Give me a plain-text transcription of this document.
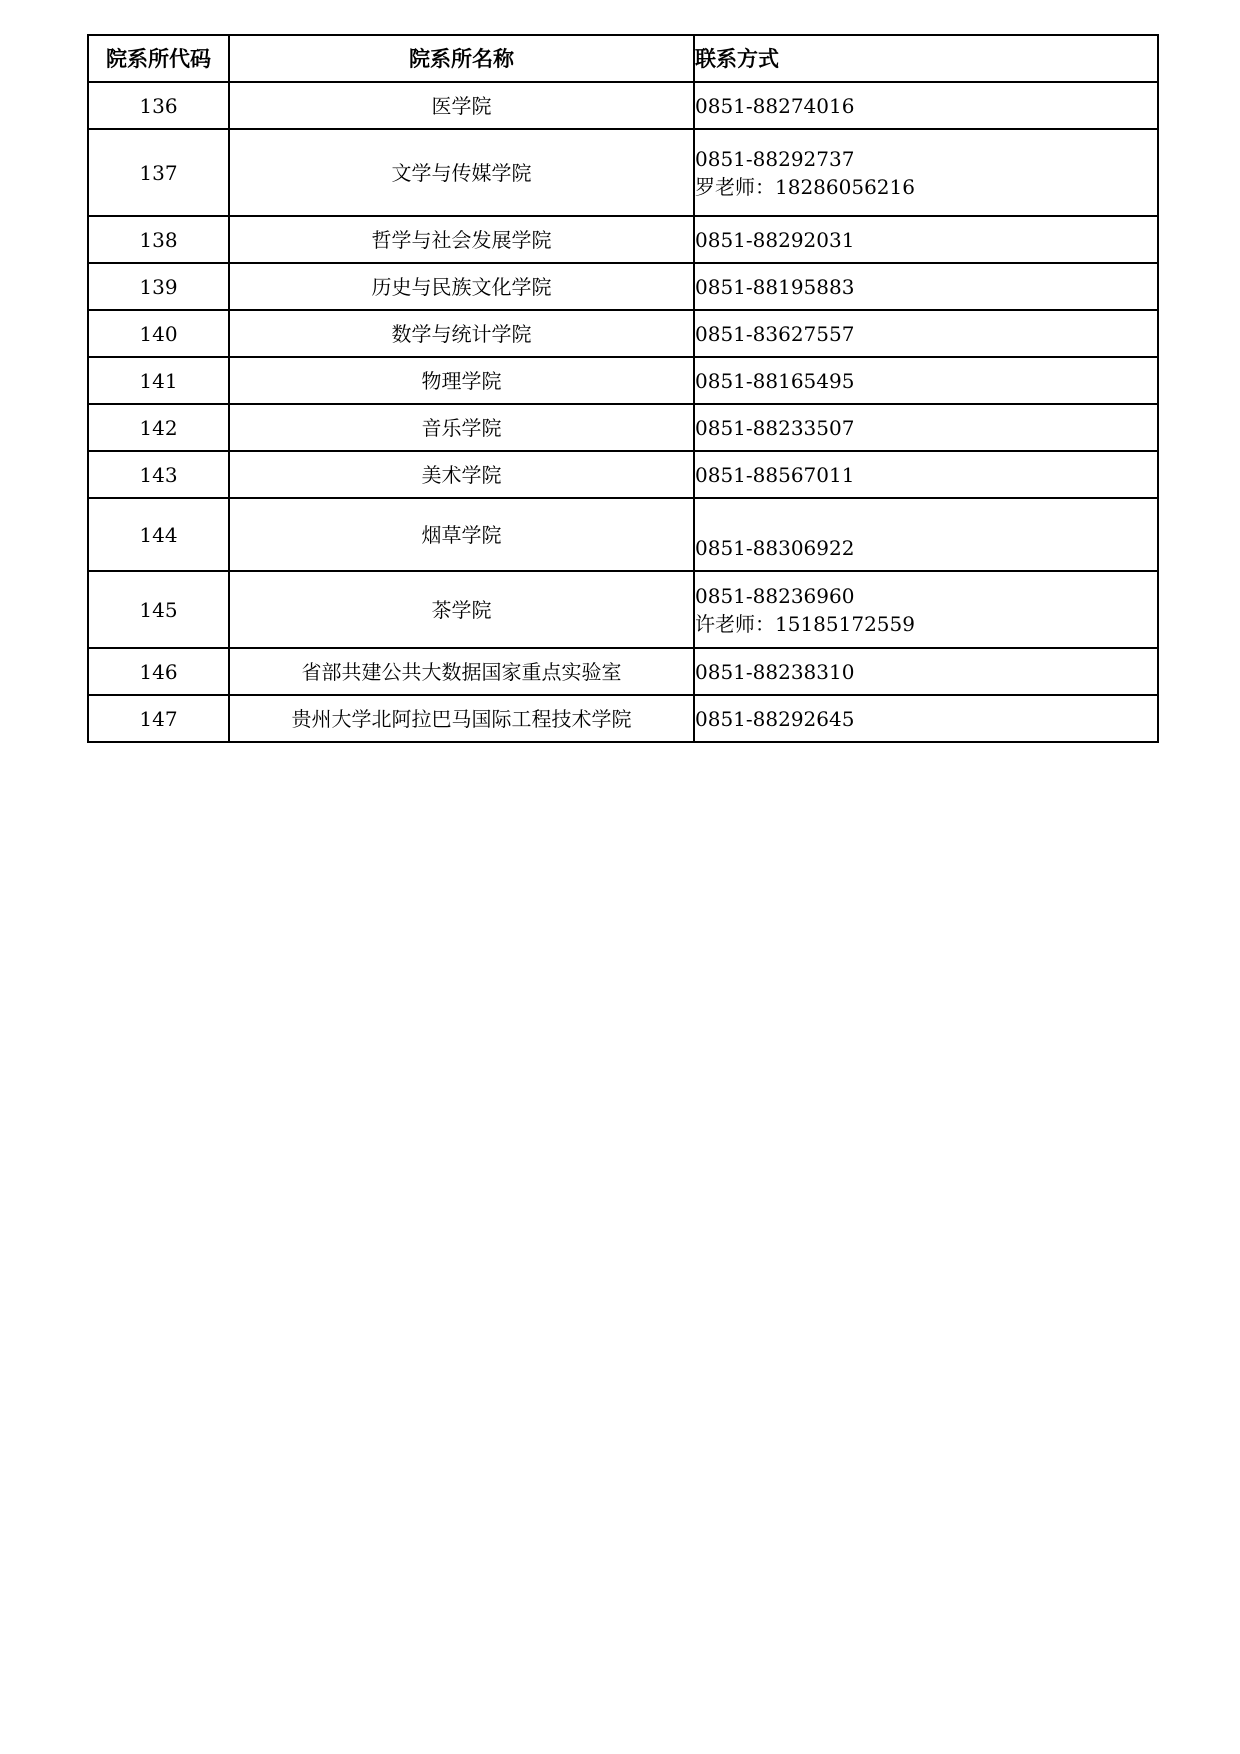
院系所代码	院系所名称	联系方式
136	医学院	0851-88274016

137	文学与传媒学院	0851-88292737
罗老师：18286056216

138	哲学与社会发展学院	0851-88292031

139	历史与民族文化学院	0851-88195883

140	数学与统计学院	0851-83627557

141	物理学院	0851-88165495

142	音乐学院	0851-88233507

143	美术学院	0851-88567011

144	烟草学院	0851-88306922

145	茶学院	0851-88236960
许老师：15185172559

146	省部共建公共大数据国家重点实验室	0851-88238310

147	贵州大学北阿拉巴马国际工程技术学院	0851-88292645
